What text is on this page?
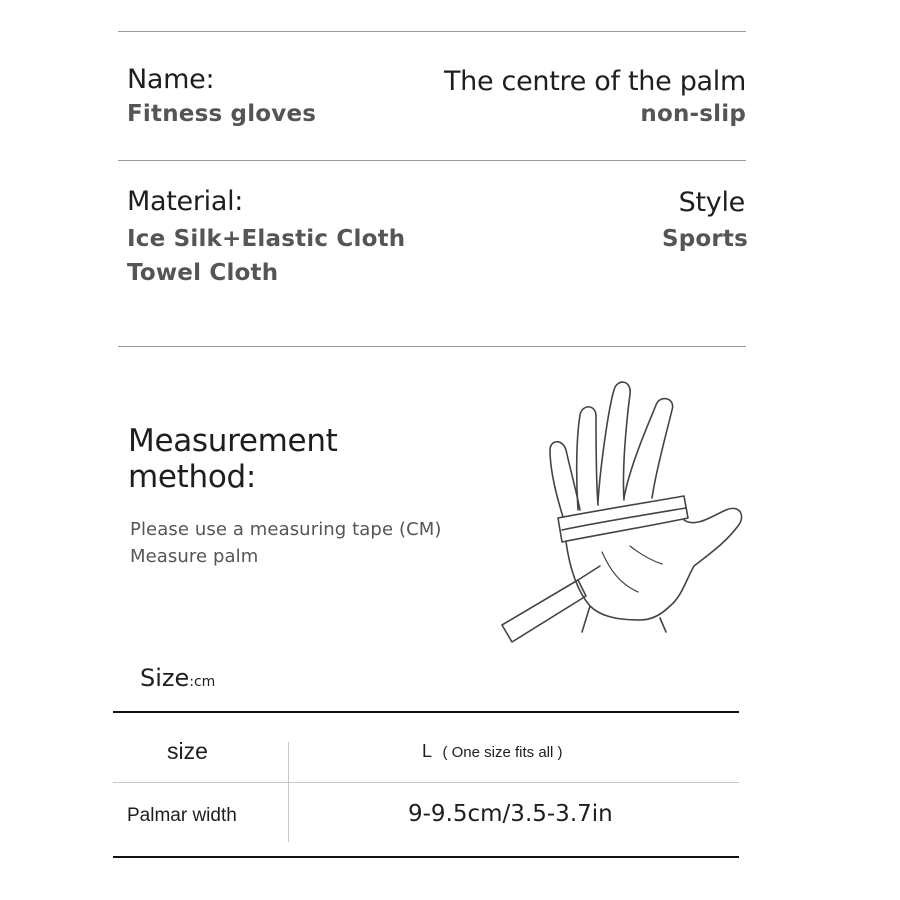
Name:
Fitness gloves
The centre of the palm
non-slip
Material:
Ice Silk+Elastic Cloth
Towel Cloth
Style
Sports
Measurement
method:
Please use a measuring tape (CM)
Measure palm
Size:cm
size	L ( One size fits all )
Palmar width	9-9.5cm/3.5-3.7in
